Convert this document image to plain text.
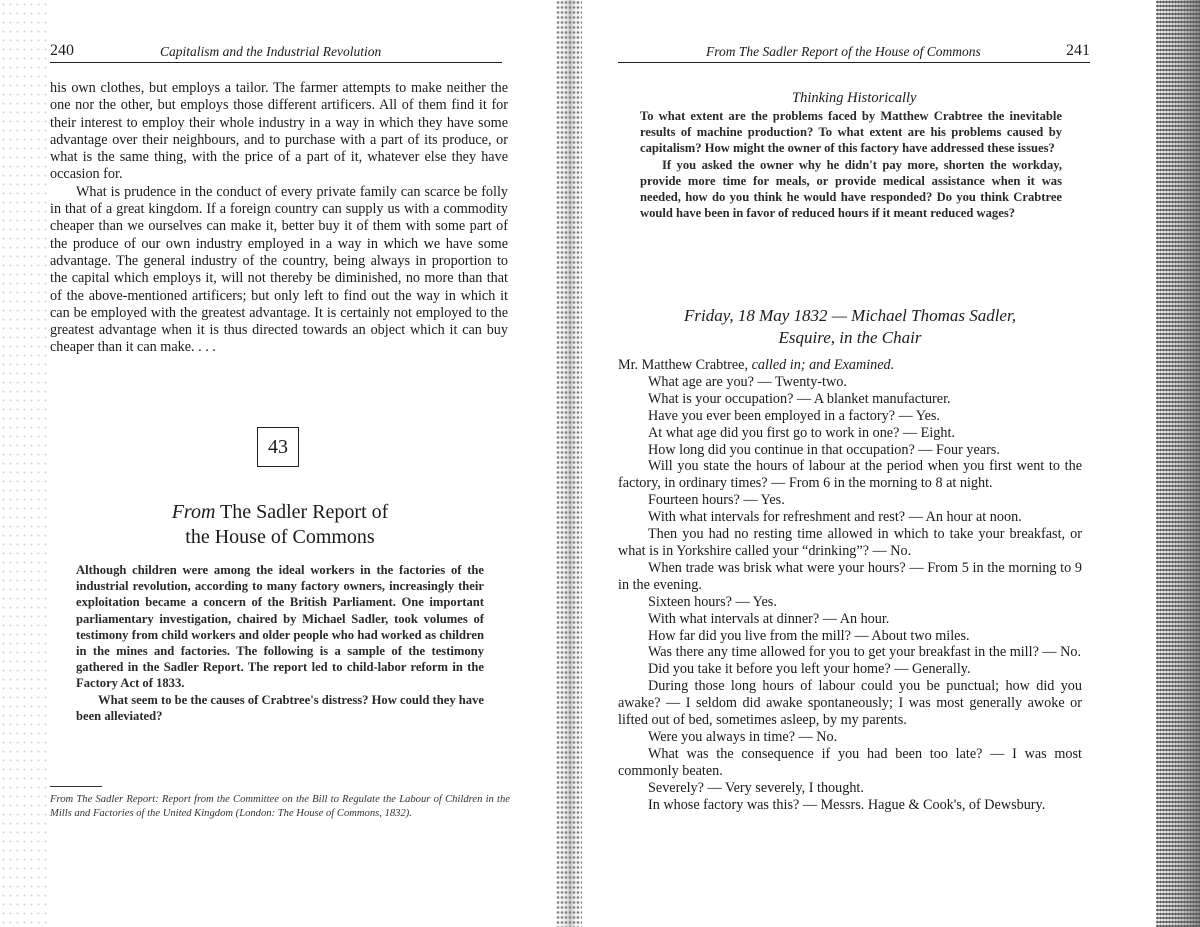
240	Capitalism and the Industrial Revolution

his own clothes, but employs a tailor. The farmer attempts to make neither the one nor the other, but employs those different artificers. All of them find it for their interest to employ their whole industry in a way in which they have some advantage over their neighbours, and to purchase with a part of its produce, or what is the same thing, with the price of a part of it, whatever else they have occasion for.

What is prudence in the conduct of every private family can scarce be folly in that of a great kingdom. If a foreign country can supply us with a commodity cheaper than we ourselves can make it, better buy it of them with some part of the produce of our own industry employed in a way in which we have some advantage. The general industry of the country, being always in proportion to the capital which employs it, will not thereby be diminished, no more than that of the above-mentioned artificers; but only left to find out the way in which it can be employed with the greatest advantage. It is certainly not employed to the greatest advantage when it is thus directed towards an object which it can buy cheaper than it can make. . . .

43
From The Sadler Report of
the House of Commons

Although children were among the ideal workers in the factories of the industrial revolution, according to many factory owners, increasingly their exploitation became a concern of the British Parliament. One important parliamentary investigation, chaired by Michael Sadler, took volumes of testimony from child workers and older people who had worked as children in the mines and factories. The following is a sample of the testimony gathered in the Sadler Report. The report led to child-labor reform in the Factory Act of 1833.

What seem to be the causes of Crabtree's distress? How could they have been alleviated?

From The Sadler Report: Report from the Committee on the Bill to Regulate the Labour of Children in the Mills and Factories of the United Kingdom (London: The House of Commons, 1832).
From The Sadler Report of the House of Commons	241
Thinking Historically

To what extent are the problems faced by Matthew Crabtree the inevitable results of machine production? To what extent are his problems caused by capitalism? How might the owner of this factory have addressed these issues?

If you asked the owner why he didn't pay more, shorten the workday, provide more time for meals, or provide medical assistance when it was needed, how do you think he would have responded? Do you think Crabtree would have been in favor of reduced hours if it meant reduced wages?

Friday, 18 May 1832 — Michael Thomas Sadler,
Esquire, in the Chair

Mr. Matthew Crabtree, called in; and Examined.

What age are you? — Twenty-two.

What is your occupation? — A blanket manufacturer.

Have you ever been employed in a factory? — Yes.

At what age did you first go to work in one? — Eight.

How long did you continue in that occupation? — Four years.

Will you state the hours of labour at the period when you first went to the factory, in ordinary times? — From 6 in the morning to 8 at night.

Fourteen hours? — Yes.

With what intervals for refreshment and rest? — An hour at noon.

Then you had no resting time allowed in which to take your breakfast, or what is in Yorkshire called your “drinking”? — No.

When trade was brisk what were your hours? — From 5 in the morning to 9 in the evening.

Sixteen hours? — Yes.

With what intervals at dinner? — An hour.

How far did you live from the mill? — About two miles.

Was there any time allowed for you to get your breakfast in the mill? — No.

Did you take it before you left your home? — Generally.

During those long hours of labour could you be punctual; how did you awake? — I seldom did awake spontaneously; I was most generally awoke or lifted out of bed, sometimes asleep, by my parents.

Were you always in time? — No.

What was the consequence if you had been too late? — I was most commonly beaten.

Severely? — Very severely, I thought.

In whose factory was this? — Messrs. Hague & Cook's, of Dewsbury.
